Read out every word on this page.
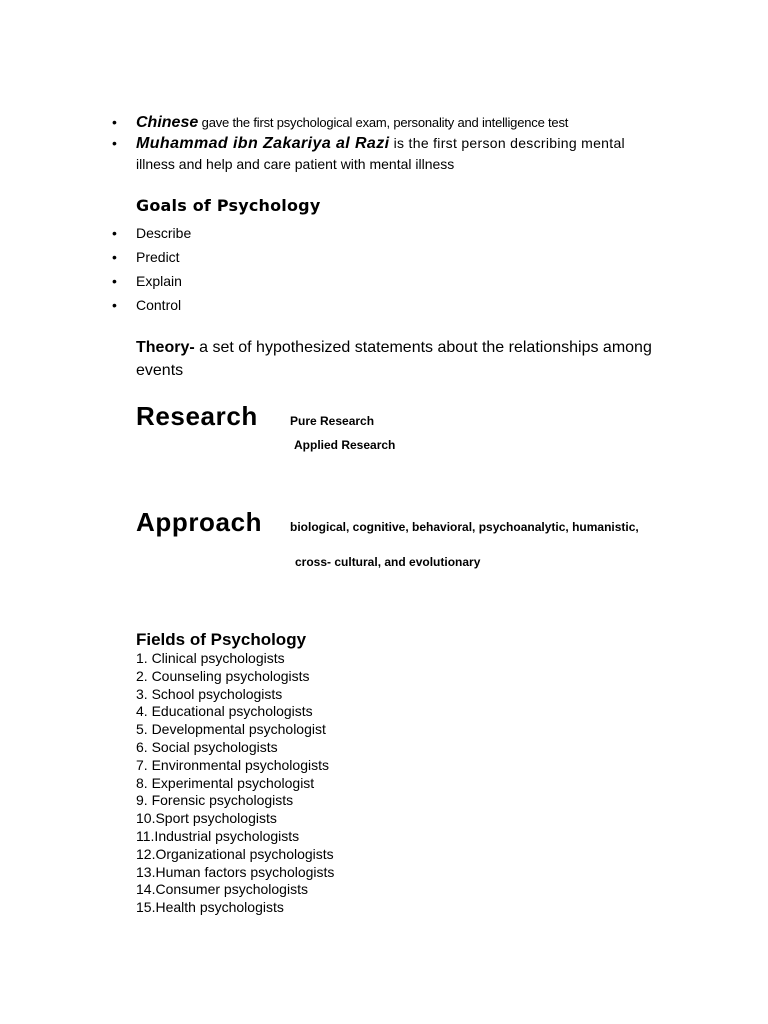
•
Chinese gave the first psychological exam, personality and intelligence test
•
Muhammad ibn Zakariya al Razi is the first person describing mental
illness and help and care patient with mental illness
Goals of Psychology
•
Describe
•
Predict
•
Explain
•
Control
Theory- a set of hypothesized statements about the relationships among events
Research	Pure Research
Applied Research
Approach biological, cognitive, behavioral, psychoanalytic, humanistic,
cross- cultural, and evolutionary
Fields of Psychology
1. Clinical psychologists
2. Counseling psychologists
3. School psychologists
4. Educational psychologists
5. Developmental psychologist
6. Social psychologists
7. Environmental psychologists
8. Experimental psychologist
9. Forensic psychologists
10.Sport psychologists
11.Industrial psychologists
12.Organizational psychologists
13.Human factors psychologists
14.Consumer psychologists
15.Health psychologists
